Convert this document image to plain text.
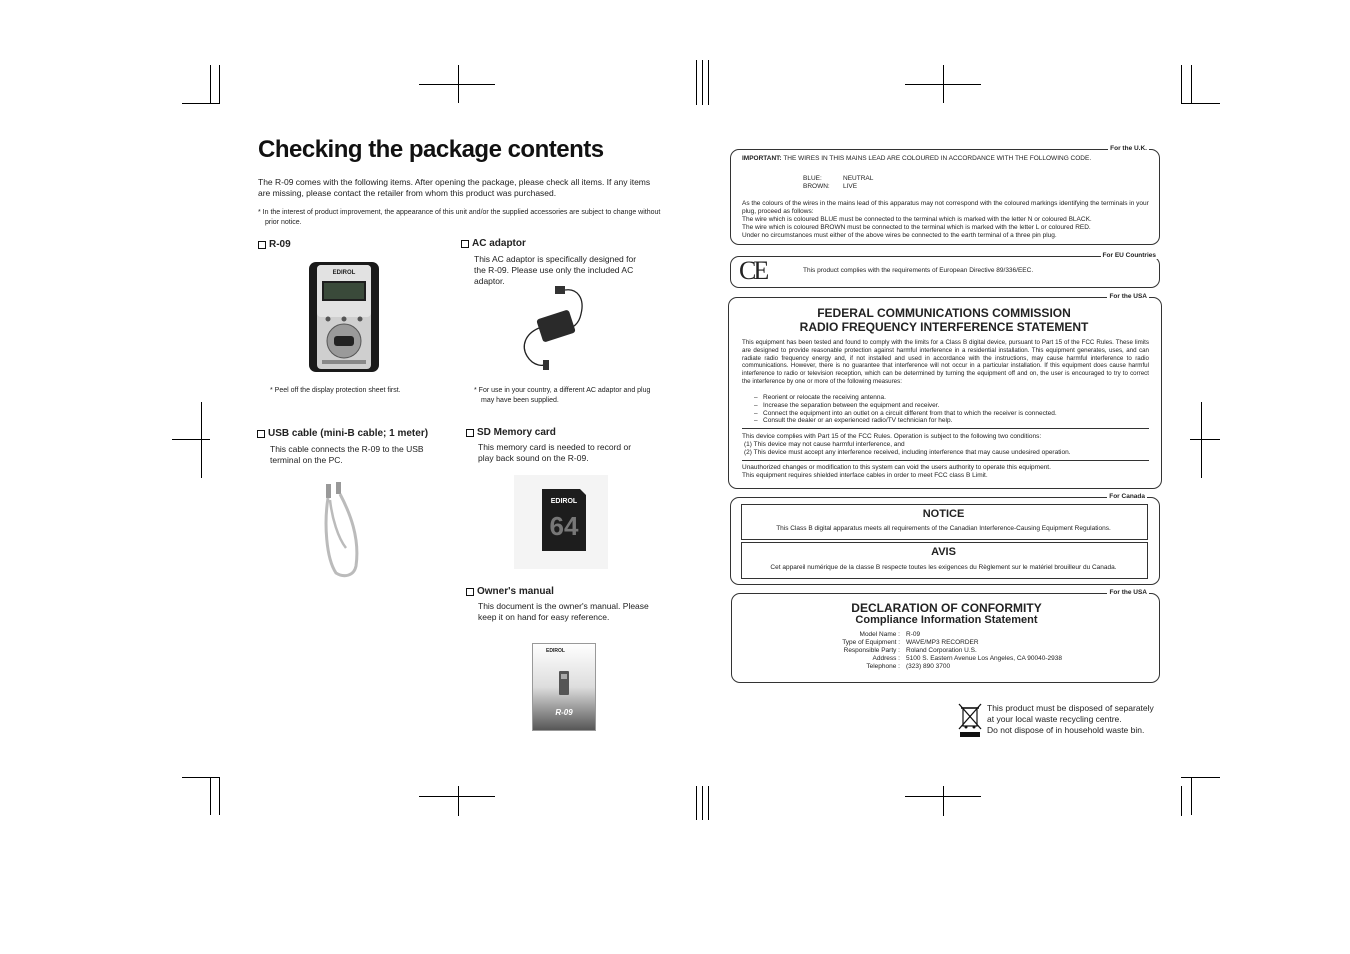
Checking the package contents
The R-09 comes with the following items. After opening the package, please check all items. If any items are missing, please contact the retailer from whom this product was purchased.
* In the interest of product improvement, the appearance of this unit and/or the supplied accessories are subject to change without prior notice.
R-09
EDIROL
* Peel off the display protection sheet first.
AC adaptor
This AC adaptor is specifically designed for the R-09. Please use only the included AC adaptor.
* For use in your country, a different AC adaptor and plug may have been supplied.
USB cable (mini-B cable; 1 meter)
This cable connects the R-09 to the USB terminal on the PC.
SD Memory card
This memory card is needed to record or play back sound on the R-09.
EDIROL
64
Owner's manual
This document is the owner's manual. Please keep it on hand for easy reference.
EDIROL
R-09
For the U.K.
IMPORTANT: THE WIRES IN THIS MAINS LEAD ARE COLOURED IN ACCORDANCE WITH THE FOLLOWING CODE.
BLUE:	NEUTRAL
BROWN: LIVE
As the colours of the wires in the mains lead of this apparatus may not correspond with the coloured markings identifying the terminals in your plug, proceed as follows:
The wire which is coloured BLUE must be connected to the terminal which is marked with the letter N or coloured BLACK.
The wire which is coloured BROWN must be connected to the terminal which is marked with the letter L or coloured RED.
Under no circumstances must either of the above wires be connected to the earth terminal of a three pin plug.
For EU Countries
CE	This product complies with the requirements of European Directive 89/336/EEC.
For the USA
FEDERAL COMMUNICATIONS COMMISSION
RADIO FREQUENCY INTERFERENCE STATEMENT
This equipment has been tested and found to comply with the limits for a Class B digital device, pursuant to Part 15 of the FCC Rules. These limits are designed to provide reasonable protection against harmful interference in a residential installation. This equipment generates, uses, and can radiate radio frequency energy and, if not installed and used in accordance with the instructions, may cause harmful interference to radio communications. However, there is no guarantee that interference will not occur in a particular installation. If this equipment does cause harmful interference to radio or television reception, which can be determined by turning the equipment off and on, the user is encouraged to try to correct the interference by one or more of the following measures:
–   Reorient or relocate the receiving antenna.
–   Increase the separation between the equipment and receiver.
–   Connect the equipment into an outlet on a circuit different from that to which the receiver is connected.
–   Consult the dealer or an experienced radio/TV technician for help.
This device complies with Part 15 of the FCC Rules. Operation is subject to the following two conditions:
(1) This device may not cause harmful interference, and
(2) This device must accept any interference received, including interference that may cause undesired operation.
Unauthorized changes or modification to this system can void the users authority to operate this equipment.
This equipment requires shielded interface cables in order to meet FCC class B Limit.
For Canada
NOTICE
This Class B digital apparatus meets all requirements of the Canadian Interference-Causing Equipment Regulations.
AVIS
Cet appareil numérique de la classe B respecte toutes les exigences du Règlement sur le matériel brouilleur du Canada.
For the USA
DECLARATION OF CONFORMITY
Compliance Information Statement
Model Name : R-09
Type of Equipment : WAVE/MP3 RECORDER
Responsible Party : Roland Corporation U.S.
Address : 5100 S. Eastern Avenue Los Angeles, CA 90040-2938
Telephone : (323) 890 3700
This product must be disposed of separately
at your local waste recycling centre.
Do not dispose of in household waste bin.
